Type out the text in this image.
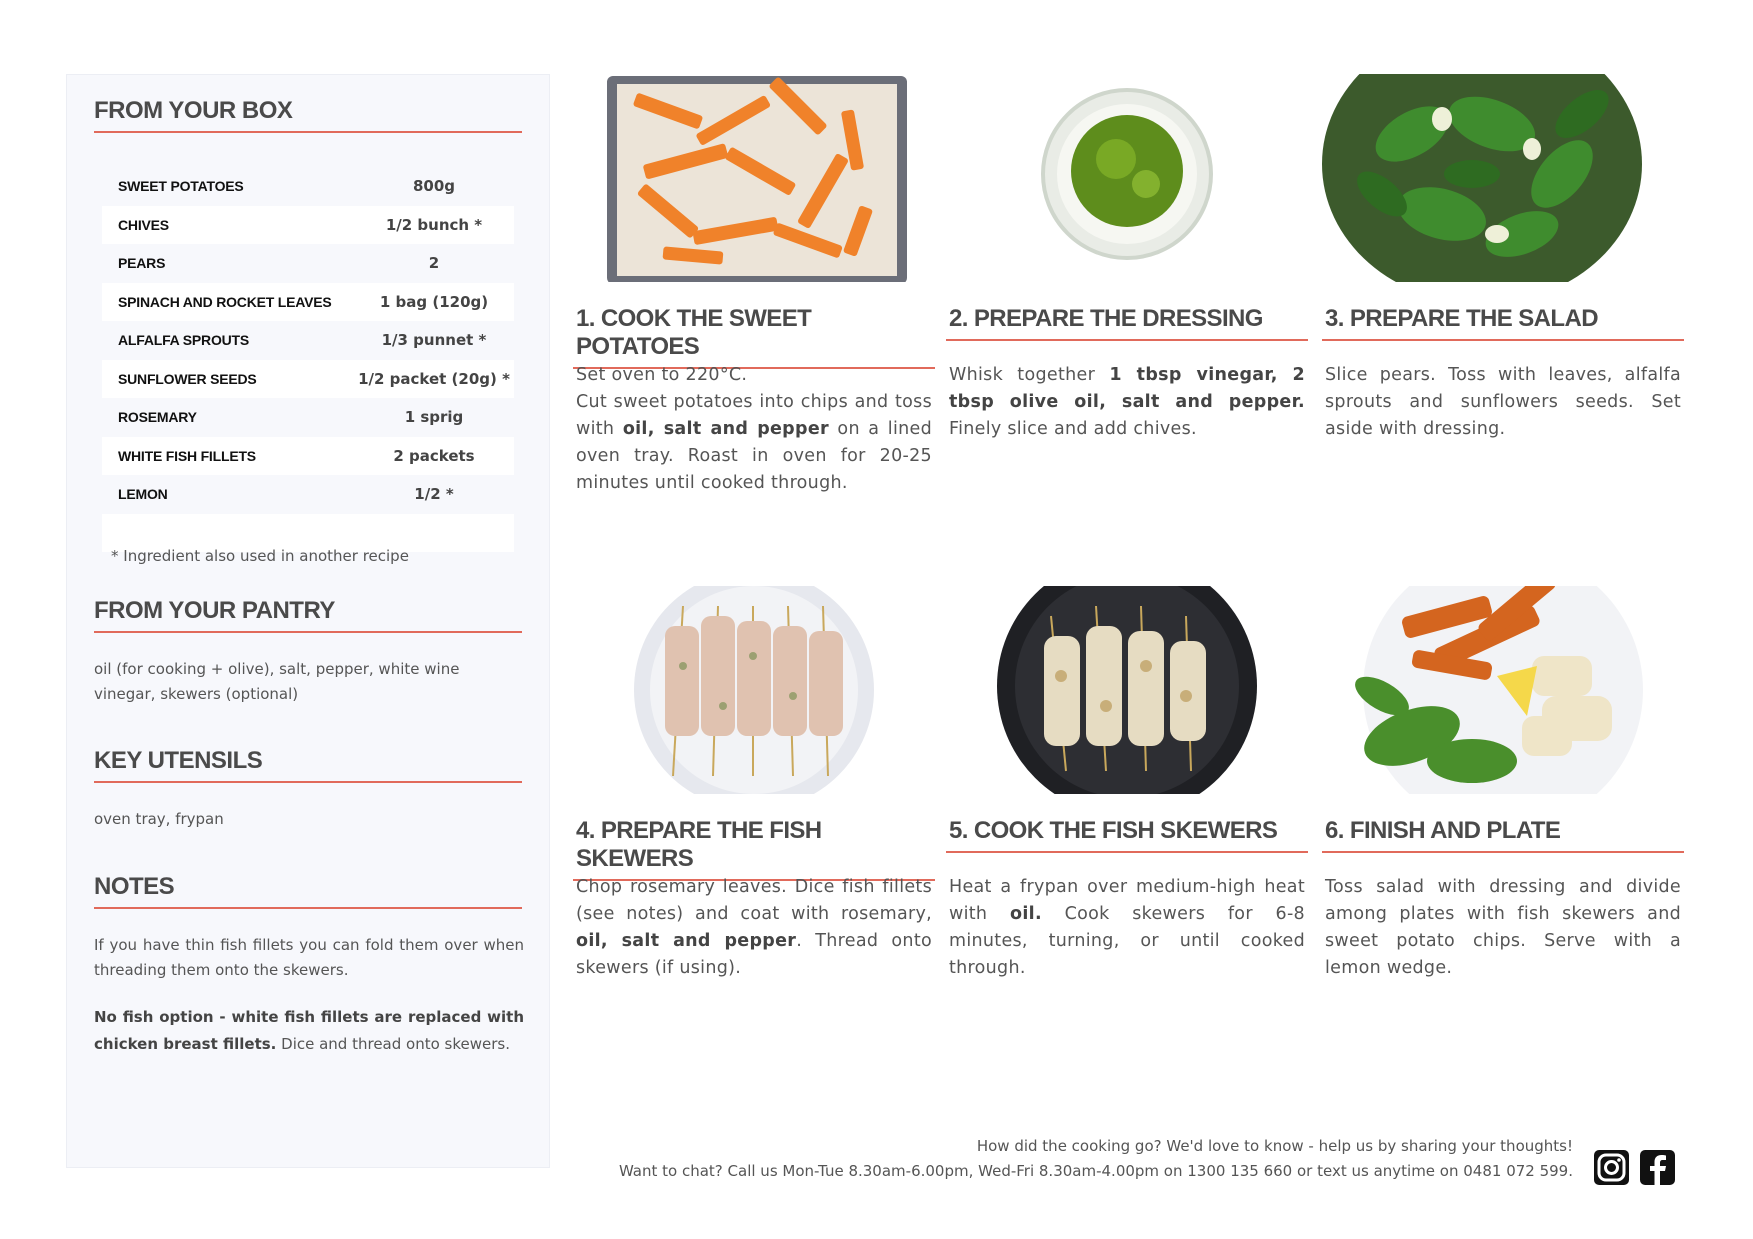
FROM YOUR BOX
SWEET POTATOES	800g
CHIVES	1/2 bunch *
PEARS	2
SPINACH AND ROCKET LEAVES	1 bag (120g)
ALFALFA SPROUTS	1/3 punnet *
SUNFLOWER SEEDS	1/2 packet (20g) *
ROSEMARY	1 sprig
WHITE FISH FILLETS	2 packets
LEMON	1/2 *
* Ingredient also used in another recipe
FROM YOUR PANTRY

oil (for cooking + olive), salt, pepper, white wine vinegar, skewers (optional)

KEY UTENSILS

oven tray, frypan

NOTES

If you have thin fish fillets you can fold them over when threading them onto the skewers.

No fish option - white fish fillets are replaced with chicken breast fillets. Dice and thread onto skewers.

1. COOK THE SWEET POTATOES

Set oven to 220°C.
Cut sweet potatoes into chips and toss with oil, salt and pepper on a lined oven tray. Roast in oven for 20-25 minutes until cooked through.

2. PREPARE THE DRESSING

Whisk together 1 tbsp vinegar, 2 tbsp olive oil, salt and pepper. Finely slice and add chives.

3. PREPARE THE SALAD

Slice pears. Toss with leaves, alfalfa sprouts and sunflowers seeds. Set aside with dressing.

4. PREPARE THE FISH SKEWERS

Chop rosemary leaves. Dice fish fillets (see notes) and coat with rosemary, oil, salt and pepper. Thread onto skewers (if using).

5. COOK THE FISH SKEWERS

Heat a frypan over medium-high heat with oil. Cook skewers for 6-8 minutes, turning, or until cooked through.

6. FINISH AND PLATE

Toss salad with dressing and divide among plates with fish skewers and sweet potato chips. Serve with a lemon wedge.

How did the cooking go? We'd love to know - help us by sharing your thoughts!
Want to chat? Call us Mon-Tue 8.30am-6.00pm, Wed-Fri 8.30am-4.00pm on 1300 135 660 or text us anytime on 0481 072 599.
